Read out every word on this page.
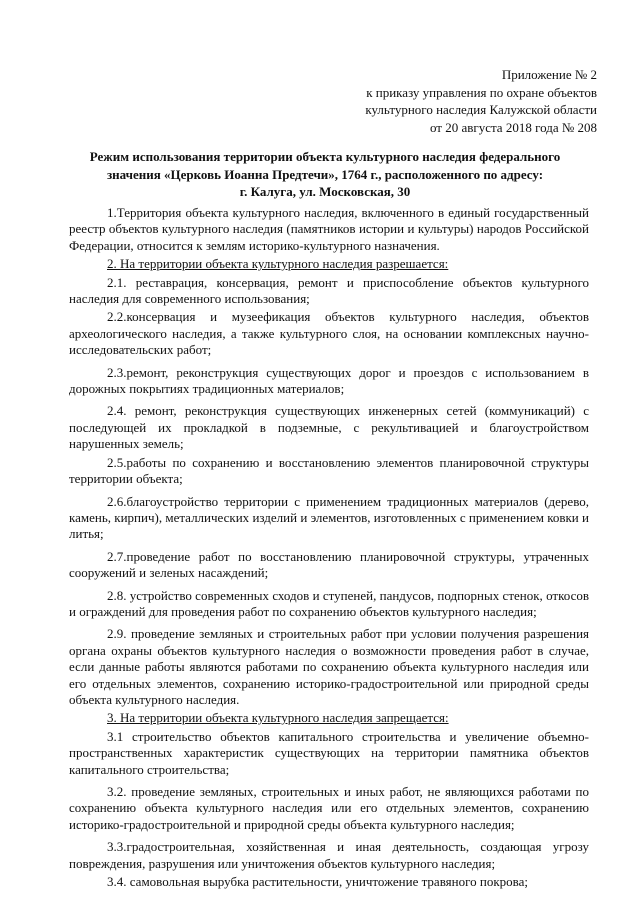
Приложение № 2
к приказу управления по охране объектов
культурного наследия Калужской области
от 20 августа 2018 года № 208
Режим использования территории объекта культурного наследия федерального
значения «Церковь Иоанна Предтечи», 1764 г., расположенного по адресу:
г. Калуга, ул. Московская, 30
1.Территория объекта культурного наследия, включенного в единый государственный реестр объектов культурного наследия (памятников истории и культуры) народов Российской Федерации, относится к землям историко-культурного назначения.
2. На территории объекта культурного наследия разрешается:
2.1. реставрация, консервация, ремонт и приспособление объектов культурного наследия для современного использования;
2.2.консервация и музеефикация объектов культурного наследия, объектов археологического наследия, а также культурного слоя, на основании комплексных научно-исследовательских работ;
2.3.ремонт, реконструкция существующих дорог и проездов с использованием в дорожных покрытиях традиционных материалов;
2.4. ремонт, реконструкция существующих инженерных сетей (коммуникаций) с последующей их прокладкой в подземные, с рекультивацией и благоустройством нарушенных земель;
2.5.работы по сохранению и восстановлению элементов планировочной структуры территории объекта;
2.6.благоустройство территории с применением традиционных материалов (дерево, камень, кирпич), металлических изделий и элементов, изготовленных с применением ковки и литья;
2.7.проведение работ по восстановлению планировочной структуры, утраченных сооружений и зеленых насаждений;
2.8. устройство современных сходов и ступеней, пандусов, подпорных стенок, откосов и ограждений для проведения работ по сохранению объектов культурного наследия;
2.9. проведение земляных и строительных работ при условии получения разрешения органа охраны объектов культурного наследия о возможности проведения работ в случае, если данные работы являются работами по сохранению объекта культурного наследия или его отдельных элементов, сохранению историко-градостроительной или природной среды объекта культурного наследия.
3. На территории объекта культурного наследия запрещается:
3.1 строительство объектов капитального строительства и увеличение объемно-пространственных характеристик существующих на территории памятника объектов капитального строительства;
3.2. проведение земляных, строительных и иных работ, не являющихся работами по сохранению объекта культурного наследия или его отдельных элементов, сохранению историко-градостроительной и природной среды объекта культурного наследия;
3.3.градостроительная, хозяйственная и иная деятельность, создающая угрозу повреждения, разрушения или уничтожения объектов культурного наследия;
3.4. самовольная вырубка растительности, уничтожение травяного покрова;
